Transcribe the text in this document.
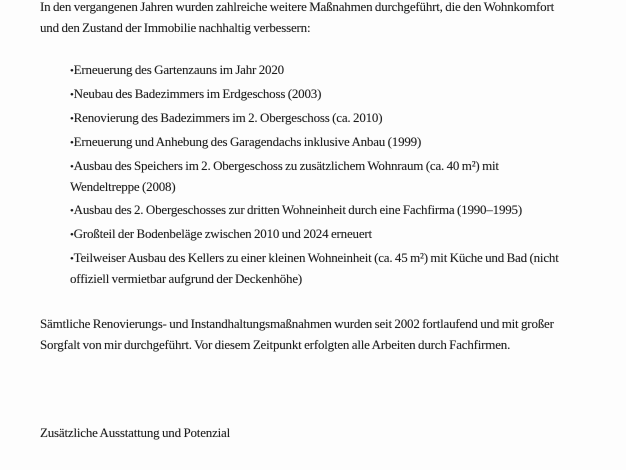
In den vergangenen Jahren wurden zahlreiche weitere Maßnahmen durchgeführt, die den Wohnkomfort und den Zustand der Immobilie nachhaltig verbessern:

•Erneuerung des Gartenzauns im Jahr 2020
•Neubau des Badezimmers im Erdgeschoss (2003)
•Renovierung des Badezimmers im 2. Obergeschoss (ca. 2010)
•Erneuerung und Anhebung des Garagendachs inklusive Anbau (1999)
•Ausbau des Speichers im 2. Obergeschoss zu zusätzlichem Wohnraum (ca. 40 m²) mit Wendeltreppe (2008)
•Ausbau des 2. Obergeschosses zur dritten Wohneinheit durch eine Fachfirma (1990–1995)
•Großteil der Bodenbeläge zwischen 2010 und 2024 erneuert
•Teilweiser Ausbau des Kellers zu einer kleinen Wohneinheit (ca. 45 m²) mit Küche und Bad (nicht offiziell vermietbar aufgrund der Deckenhöhe)

Sämtliche Renovierungs- und Instandhaltungsmaßnahmen wurden seit 2002 fortlaufend und mit großer Sorgfalt von mir durchgeführt. Vor diesem Zeitpunkt erfolgten alle Arbeiten durch Fachfirmen.

Zusätzliche Ausstattung und Potenzial
